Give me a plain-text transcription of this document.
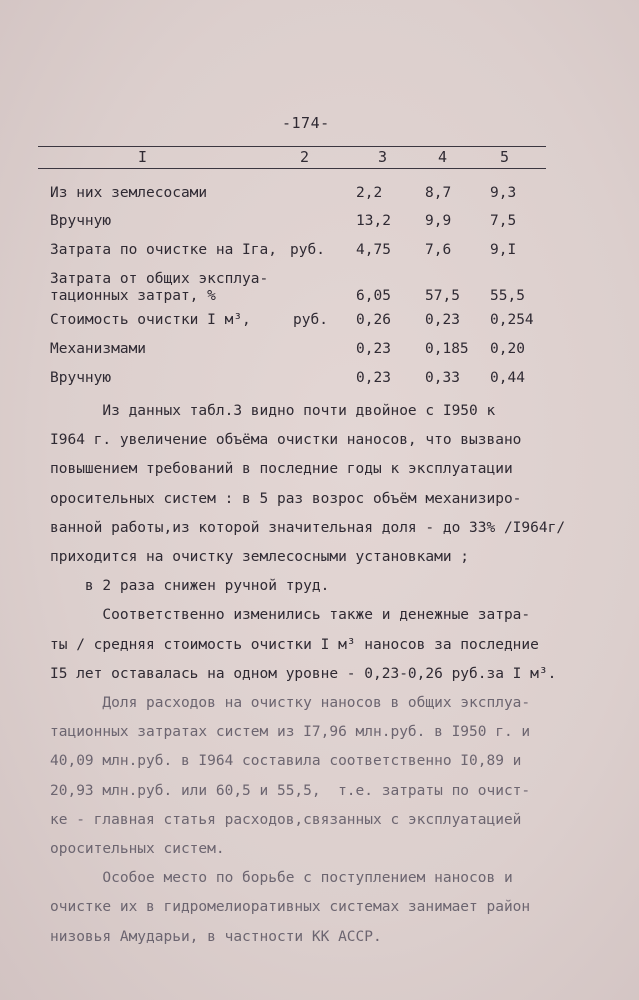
-174-
I	2	3	4	5
Из них землесосами	2,2	8,7	9,3
Вручную	13,2 9,9	7,5
Затрата по очистке на Iга, руб. 4,75 7,6	9,I
Затрата от общих эксплуа-
тационных затрат, %	6,05 57,5 55,5
Стоимость очистки I м³,	руб. 0,26 0,23 0,254
Механизмами	0,23 0,185 0,20
Вручную	0,23 0,33 0,44
Из данных табл.3 видно почти двойное с I950 к
I964 г. увеличение объёма очистки наносов, что вызвано
повышением требований в последние годы к эксплуатации
оросительных систем : в 5 раз возрос объём механизиро-
ванной работы,из которой значительная доля - до 33% /I964г/
приходится на очистку землесосными установками ;
в 2 раза снижен ручной труд.
Соответственно изменились также и денежные затра-
ты / средняя стоимость очистки I м³ наносов за последние
I5 лет оставалась на одном уровне - 0,23-0,26 руб.за I м³.
Доля расходов на очистку наносов в общих эксплуа-
тационных затратах систем из I7,96 млн.руб. в I950 г. и
40,09 млн.руб. в I964 составила соответственно I0,89 и
20,93 млн.руб. или 60,5 и 55,5,  т.е. затраты по очист-
ке - главная статья расходов,связанных с эксплуатацией
оросительных систем.
Особое место по борьбе с поступлением наносов и
очистке их в гидромелиоративных системах занимает район
низовья Амударьи, в частности КК АССР.
